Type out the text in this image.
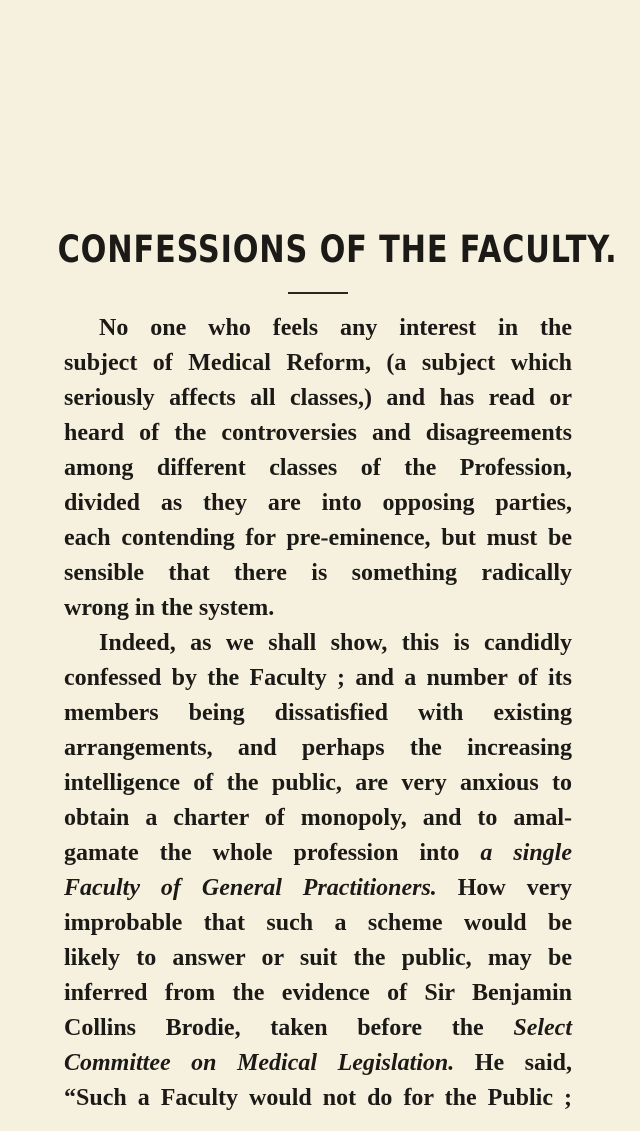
CONFESSIONS OF THE FACULTY.
No one who feels any interest in the
subject of Medical Reform, (a subject which
seriously affects all classes,) and has read or
heard of the controversies and disagreements
among different classes of the Profession,
divided as they are into opposing parties,
each contending for pre-eminence, but must be
sensible that there is something radically
wrong in the system.
Indeed, as we shall show, this is candidly
confessed by the Faculty ; and a number of its
members being dissatisfied with existing
arrangements, and perhaps the increasing
intelligence of the public, are very anxious to
obtain a charter of monopoly, and to amal-
gamate the whole profession into a single
Faculty of General Practitioners. How very
improbable that such a scheme would be
likely to answer or suit the public, may be
inferred from the evidence of Sir Benjamin
Collins Brodie, taken before the Select
Committee on Medical Legislation. He said,
“Such a Faculty would not do for the Public ;
